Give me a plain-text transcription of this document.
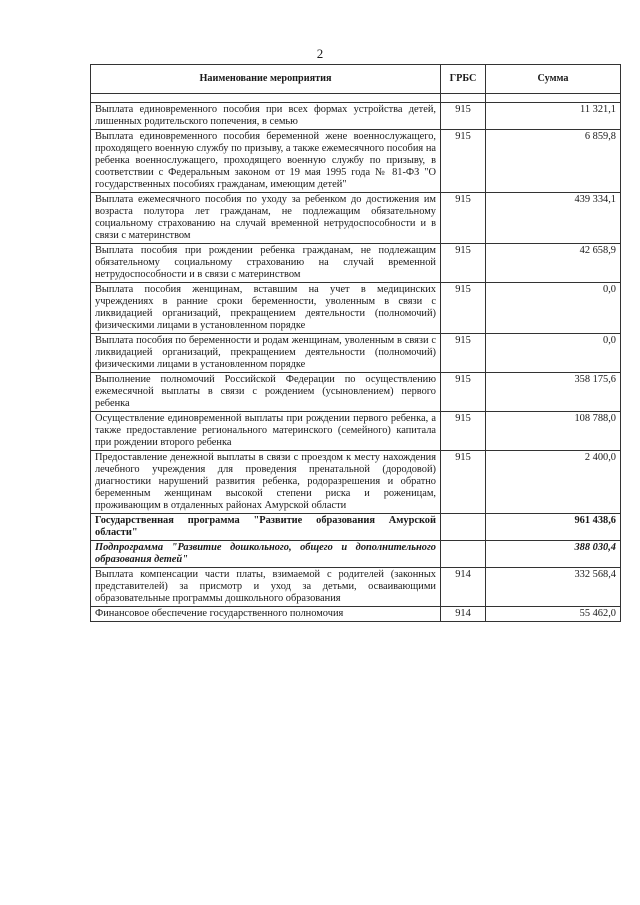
2
Наименование мероприятия	ГРБС	Сумма

Выплата единовременного пособия при всех формах устройства детей, лишенных родительского попечения, в семью	915	11 321,1
Выплата единовременного пособия беременной жене военнослужащего, проходящего военную службу по призыву, а также ежемесячного пособия на ребенка военнослужащего, проходящего военную службу по призыву, в соответствии с Федеральным законом от 19 мая 1995 года № 81-ФЗ "О государственных пособиях гражданам, имеющим детей"	915	6 859,8
Выплата ежемесячного пособия по уходу за ребенком до достижения им возраста полутора лет гражданам, не подлежащим обязательному социальному страхованию на случай временной нетрудоспособности и в связи с материнством	915	439 334,1
Выплата пособия при рождении ребенка гражданам, не подлежащим обязательному социальному страхованию на случай временной нетрудоспособности и в связи с материнством	915	42 658,9
Выплата пособия женщинам, вставшим на учет в медицинских учреждениях в ранние сроки беременности, уволенным в связи с ликвидацией организаций, прекращением деятельности (полномочий) физическими лицами в установленном порядке	915	0,0
Выплата пособия по беременности и родам женщинам, уволенным в связи с ликвидацией организаций, прекращением деятельности (полномочий) физическими лицами в установленном порядке	915	0,0
Выполнение полномочий Российской Федерации по осуществлению ежемесячной выплаты в связи с рождением (усыновлением) первого ребенка	915	358 175,6
Осуществление единовременной выплаты при рождении первого ребенка, а также предоставление регионального материнского (семейного) капитала при рождении второго ребенка	915	108 788,0
Предоставление денежной выплаты в связи с проездом к месту нахождения лечебного учреждения для проведения пренатальной (дородовой) диагностики нарушений развития ребенка, родоразрешения и обратно беременным женщинам высокой степени риска и роженицам, проживающим в отдаленных районах Амурской области	915	2 400,0
Государственная программа "Развитие образования Амурской области"		961 438,6
Подпрограмма "Развитие дошкольного, общего и дополнительного образования детей"		388 030,4
Выплата компенсации части платы, взимаемой с родителей (законных представителей) за присмотр и уход за детьми, осваивающими образовательные программы дошкольного образования	914	332 568,4
Финансовое обеспечение государственного полномочия	914	55 462,0
